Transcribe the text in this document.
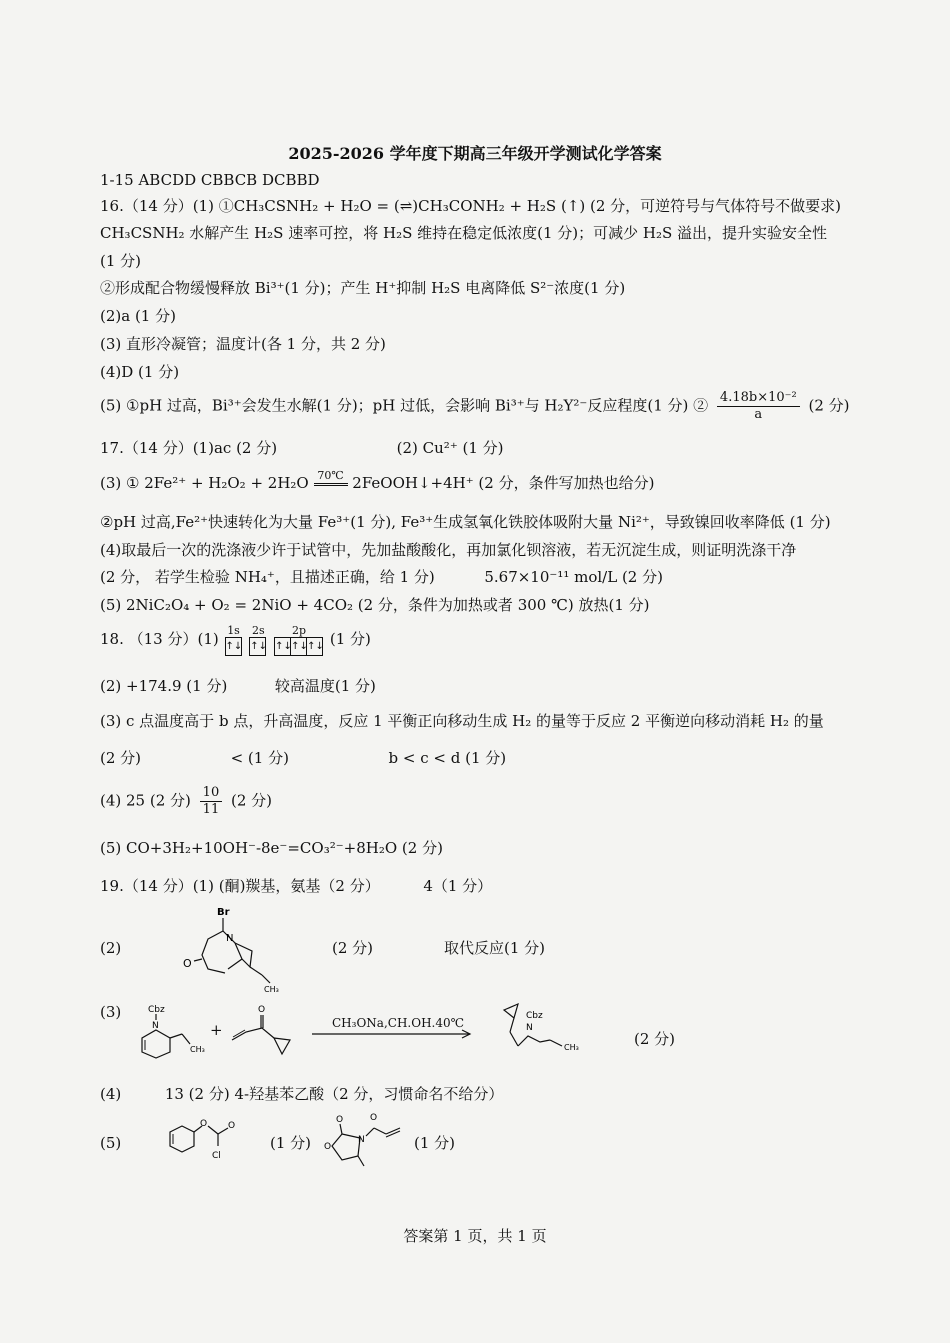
2025-2026 学年度下期高三年级开学测试化学答案
1-15 ABCDD CBBCB DCBBD
16.（14 分）(1) ①CH₃CSNH₂ + H₂O = (⇌)CH₃CONH₂ + H₂S (↑) (2 分，可逆符号与气体符号不做要求)
CH₃CSNH₂ 水解产生 H₂S 速率可控，将 H₂S 维持在稳定低浓度(1 分)；可减少 H₂S 溢出，提升实验安全性
(1 分)
②形成配合物缓慢释放 Bi³⁺(1 分)；产生 H⁺抑制 H₂S 电离降低 S²⁻浓度(1 分)
(2)a (1 分)
(3) 直形冷凝管；温度计(各 1 分，共 2 分)
(4)D (1 分)
(5) ①pH 过高，Bi³⁺会发生水解(1 分)；pH 过低，会影响 Bi³⁺与 H₂Y²⁻反应程度(1 分) ② $\frac{\text{4.18b×10⁻²}}{a} (2$ 分)
17.（14 分）(1)ac (2 分)	(2) Cu²⁺ (1 分)
(3) ① 2Fe²⁺ + H₂O₂ + 2H₂O 70℃ 2FeOOH↓+4H⁺ (2 分，条件写加热也给分)
②pH 过高,Fe²⁺快速转化为大量 Fe³⁺(1 分), Fe³⁺生成氢氧化铁胶体吸附大量 Ni²⁺，导致镍回收率降低 (1 分)
(4)取最后一次的洗涤液少许于试管中，先加盐酸酸化，再加氯化钡溶液，若无沉淀生成，则证明洗涤干净
(2 分， 若学生检验 NH₄⁺，且描述正确，给 1 分)	5.67×10⁻¹¹ mol/L (2 分)
(5) 2NiC₂O₄ + O₂ = 2NiO + 4CO₂ (2 分，条件为加热或者 300 ℃) 放热(1 分)
18. （13 分）(1) 1s
↑↓

2s
↑↓

2p
↑↓ ↑↓ ↑↓ (1 分)
(2) +174.9 (1 分)	较高温度(1 分)
(3) c 点温度高于 b 点，升高温度，反应 1 平衡正向移动生成 H₂ 的量等于反应 2 平衡逆向移动消耗 H₂ 的量
(2 分)	< (1 分)	b < c < d (1 分)
(4) 25 (2 分) $\frac{10}{11} (2$ 分)
(5) CO+3H₂+10OH⁻-8e⁻=CO₃²⁻+8H₂O (2 分)
19.（14 分）(1) (酮)羰基，氨基（2 分）	4（1 分）
(2)
Br
N
O
CH₃
(2 分)	取代反应(1 分)
(3)	Cbz
N
CH₃
+
O
CH₃ONa,CH.OH.40℃	Cbz
N
CH₃	(2 分)
(4)	13 (2 分) 4-羟基苯乙酸（2 分，习惯命名不给分）
(5)
O O
Cl
(1 分)
O
O
N
O
(1 分)
答案第 1 页，共 1 页
